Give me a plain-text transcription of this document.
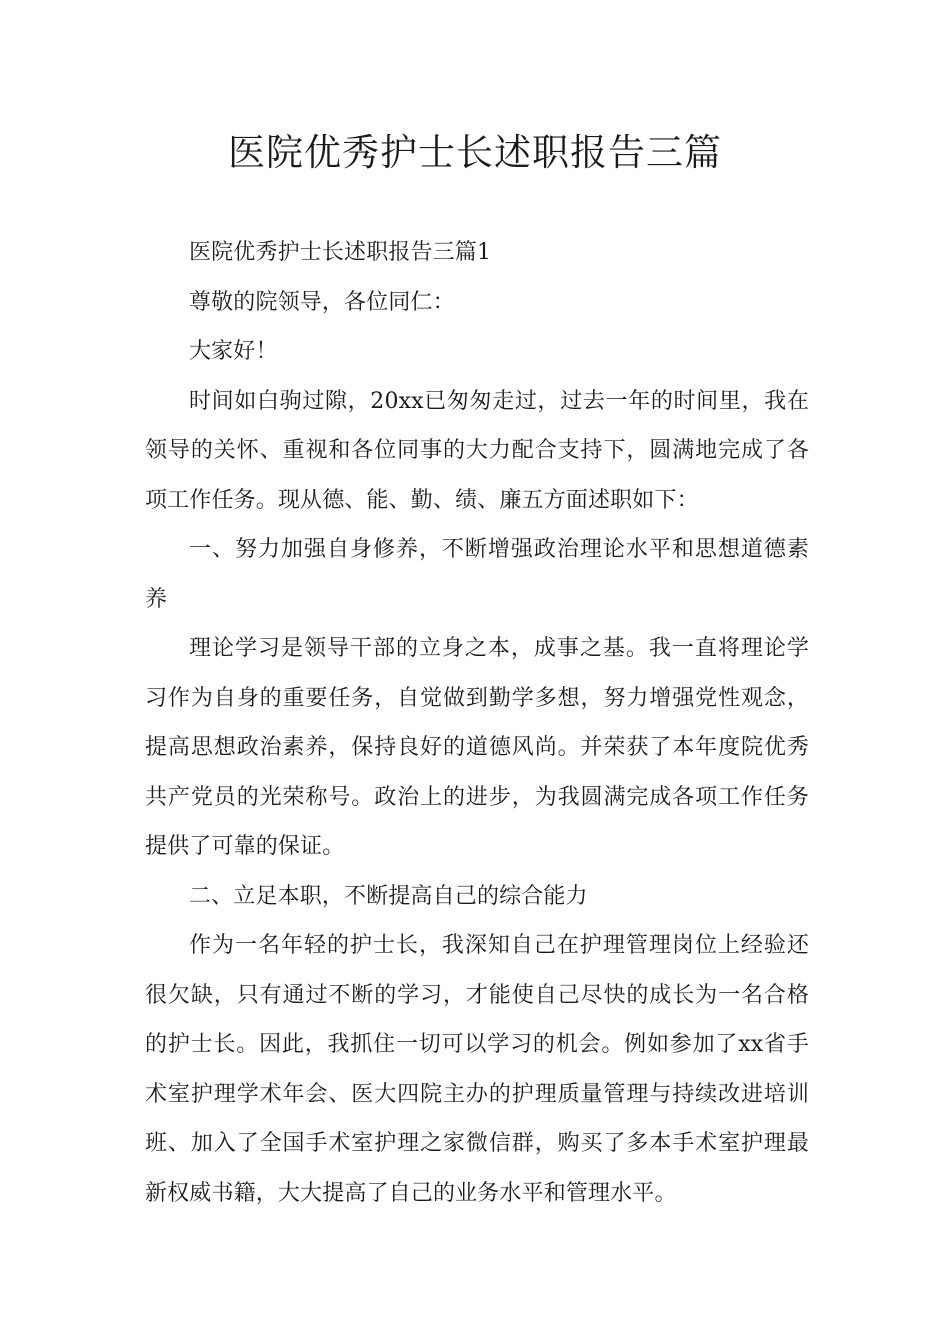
医院优秀护士长述职报告三篇

医院优秀护士长述职报告三篇1

尊敬的院领导，各位同仁：

大家好！

时间如白驹过隙，20xx已匆匆走过，过去一年的时间里，我在领导的关怀、重视和各位同事的大力配合支持下，圆满地完成了各项工作任务。现从德、能、勤、绩、廉五方面述职如下：

一、努力加强自身修养，不断增强政治理论水平和思想道德素养

理论学习是领导干部的立身之本，成事之基。我一直将理论学习作为自身的重要任务，自觉做到勤学多想，努力增强党性观念，提高思想政治素养，保持良好的道德风尚。并荣获了本年度院优秀共产党员的光荣称号。政治上的进步，为我圆满完成各项工作任务提供了可靠的保证。

二、立足本职，不断提高自己的综合能力

作为一名年轻的护士长，我深知自己在护理管理岗位上经验还很欠缺，只有通过不断的学习，才能使自己尽快的成长为一名合格的护士长。因此，我抓住一切可以学习的机会。例如参加了xx省手术室护理学术年会、医大四院主办的护理质量管理与持续改进培训班、加入了全国手术室护理之家微信群，购买了多本手术室护理最新权威书籍，大大提高了自己的业务水平和管理水平。
